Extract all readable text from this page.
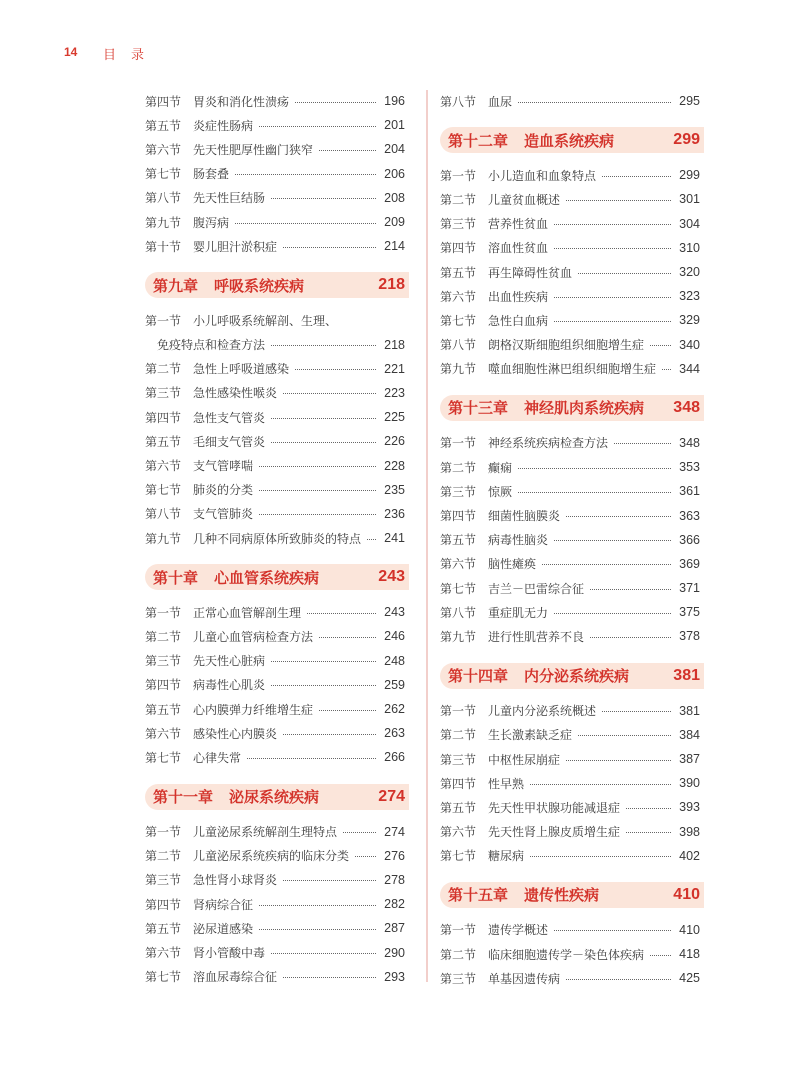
14 目　录
第四节 胃炎和消化性溃疡	196
第五节 炎症性肠病	201
第六节 先天性肥厚性幽门狭窄	204
第七节 肠套叠	206
第八节 先天性巨结肠	208
第九节 腹泻病	209
第十节 婴儿胆汁淤积症	214
第九章 呼吸系统疾病	218
第一节 小儿呼吸系统解剖、生理、
免疫特点和检查方法	218
第二节 急性上呼吸道感染	221
第三节 急性感染性喉炎	223
第四节 急性支气管炎	225
第五节 毛细支气管炎	226
第六节 支气管哮喘	228
第七节 肺炎的分类	235
第八节 支气管肺炎	236
第九节 几种不同病原体所致肺炎的特点 241
第十章 心血管系统疾病	243
第一节 正常心血管解剖生理	243
第二节 儿童心血管病检查方法	246
第三节 先天性心脏病	248
第四节 病毒性心肌炎	259
第五节 心内膜弹力纤维增生症	262
第六节 感染性心内膜炎	263
第七节 心律失常	266
第十一章 泌尿系统疾病	274
第一节 儿童泌尿系统解剖生理特点	274
第二节 儿童泌尿系统疾病的临床分类	276
第三节 急性肾小球肾炎	278
第四节 肾病综合征	282
第五节 泌尿道感染	287
第六节 肾小管酸中毒	290
第七节 溶血尿毒综合征	293
第八节 血尿	295
第十二章 造血系统疾病	299
第一节 小儿造血和血象特点	299
第二节 儿童贫血概述	301
第三节 营养性贫血	304
第四节 溶血性贫血	310
第五节 再生障碍性贫血	320
第六节 出血性疾病	323
第七节 急性白血病	329
第八节 朗格汉斯细胞组织细胞增生症	340
第九节 噬血细胞性淋巴组织细胞增生症 344
第十三章 神经肌肉系统疾病	348
第一节 神经系统疾病检查方法	348
第二节 癫痫	353
第三节 惊厥	361
第四节 细菌性脑膜炎	363
第五节 病毒性脑炎	366
第六节 脑性瘫痪	369
第七节 吉兰－巴雷综合征	371
第八节 重症肌无力	375
第九节 进行性肌营养不良	378
第十四章 内分泌系统疾病	381
第一节 儿童内分泌系统概述	381
第二节 生长激素缺乏症	384
第三节 中枢性尿崩症	387
第四节 性早熟	390
第五节 先天性甲状腺功能减退症	393
第六节 先天性肾上腺皮质增生症	398
第七节 糖尿病	402
第十五章 遗传性疾病	410
第一节 遗传学概述	410
第二节 临床细胞遗传学－染色体疾病	418
第三节 单基因遗传病	425
